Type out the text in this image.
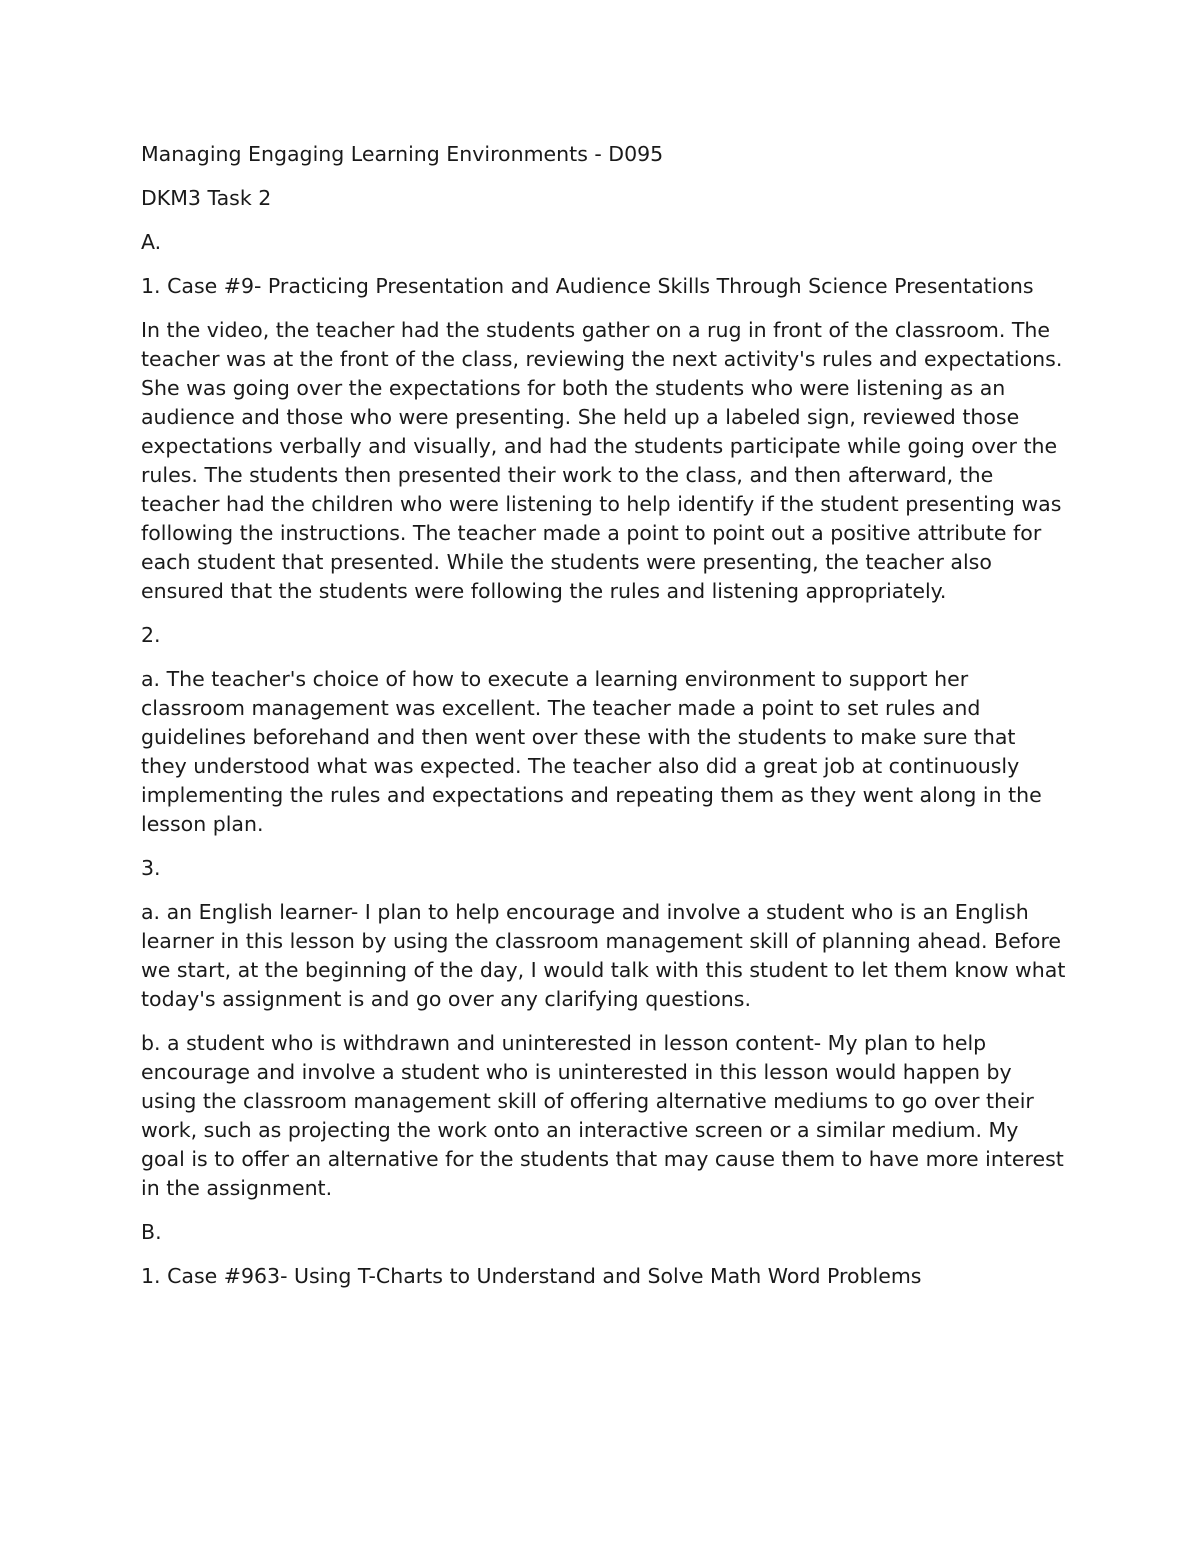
Managing Engaging Learning Environments - D095

DKM3 Task 2

A.

1. Case #9- Practicing Presentation and Audience Skills Through Science Presentations

In the video, the teacher had the students gather on a rug in front of the classroom. The teacher was at the front of the class, reviewing the next activity's rules and expectations. She was going over the expectations for both the students who were listening as an audience and those who were presenting. She held up a labeled sign, reviewed those expectations verbally and visually, and had the students participate while going over the rules. The students then presented their work to the class, and then afterward, the teacher had the children who were listening to help identify if the student presenting was following the instructions. The teacher made a point to point out a positive attribute for each student that presented. While the students were presenting, the teacher also ensured that the students were following the rules and listening appropriately.

2.

a. The teacher's choice of how to execute a learning environment to support her classroom management was excellent. The teacher made a point to set rules and guidelines beforehand and then went over these with the students to make sure that they understood what was expected. The teacher also did a great job at continuously implementing the rules and expectations and repeating them as they went along in the lesson plan.

3.

a. an English learner- I plan to help encourage and involve a student who is an English learner in this lesson by using the classroom management skill of planning ahead. Before we start, at the beginning of the day, I would talk with this student to let them know what today's assignment is and go over any clarifying questions.

b. a student who is withdrawn and uninterested in lesson content- My plan to help encourage and involve a student who is uninterested in this lesson would happen by using the classroom management skill of offering alternative mediums to go over their work, such as projecting the work onto an interactive screen or a similar medium. My goal is to offer an alternative for the students that may cause them to have more interest in the assignment.

B.

1. Case #963- Using T-Charts to Understand and Solve Math Word Problems
